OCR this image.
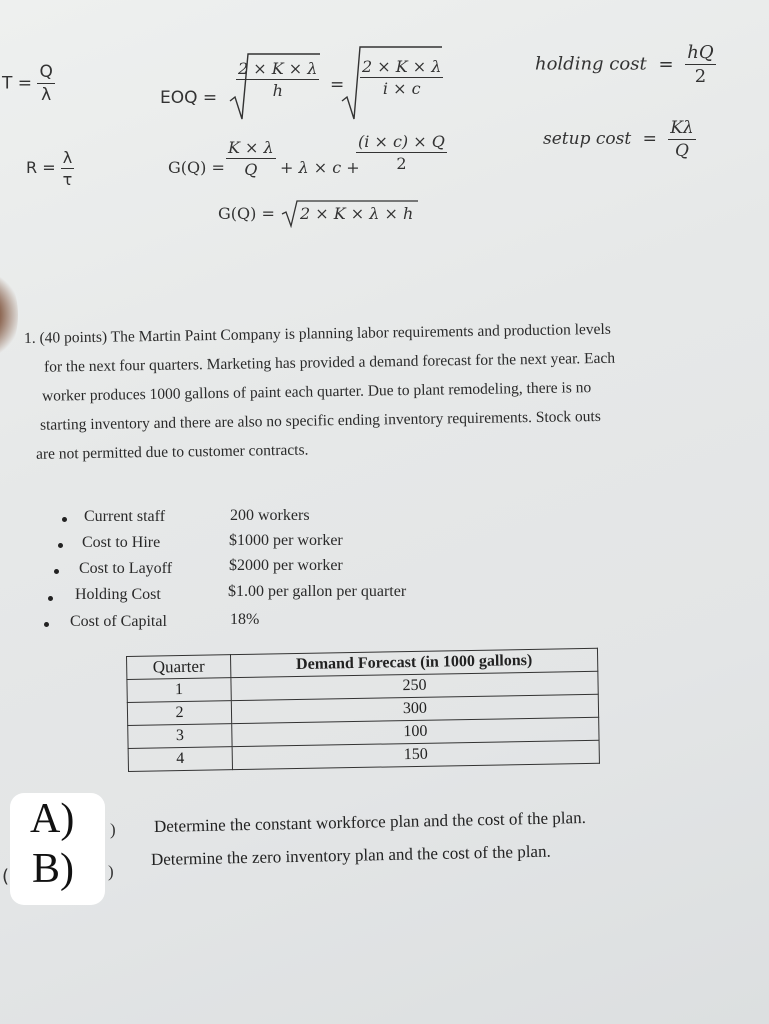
$T = \frac{Q}{\lambda}$
$R = \frac{\lambda}{\tau}$
EOQ = $\frac{2 \times K \times \lambda}{h} = \frac{2 \times K \times \lambda}{i \times c}$	holding $\cos t = \frac{hQ}{2}$
$G(Q) = \frac{K \times \lambda}{Q} + \lambda \times c$ +
$\frac{(i \times c) \times Q}{2}$	setup $\cos t = \frac{K\lambda}{Q}$
G(Q) = 2 × K × λ × h
1. (40 points) The Martin Paint Company is planning labor requirements and production levels
for the next four quarters. Marketing has provided a demand forecast for the next year. Each
worker produces 1000 gallons of paint each quarter. Due to plant remodeling, there is no
starting inventory and there are also no specific ending inventory requirements. Stock outs
are not permitted due to customer contracts.
Current staff	200 workers
Cost to Hire	$1000 per worker
Cost to Layoff	$2000 per worker
Holding Cost	$1.00 per gallon per quarter
Cost of Capital	18%
Quarter	Demand Forecast (in 1000 gallons)
1	250
2	300
3	100
4	150
(
A)
B)
)
)
Determine the constant workforce plan and the cost of the plan.
Determine the zero inventory plan and the cost of the plan.
